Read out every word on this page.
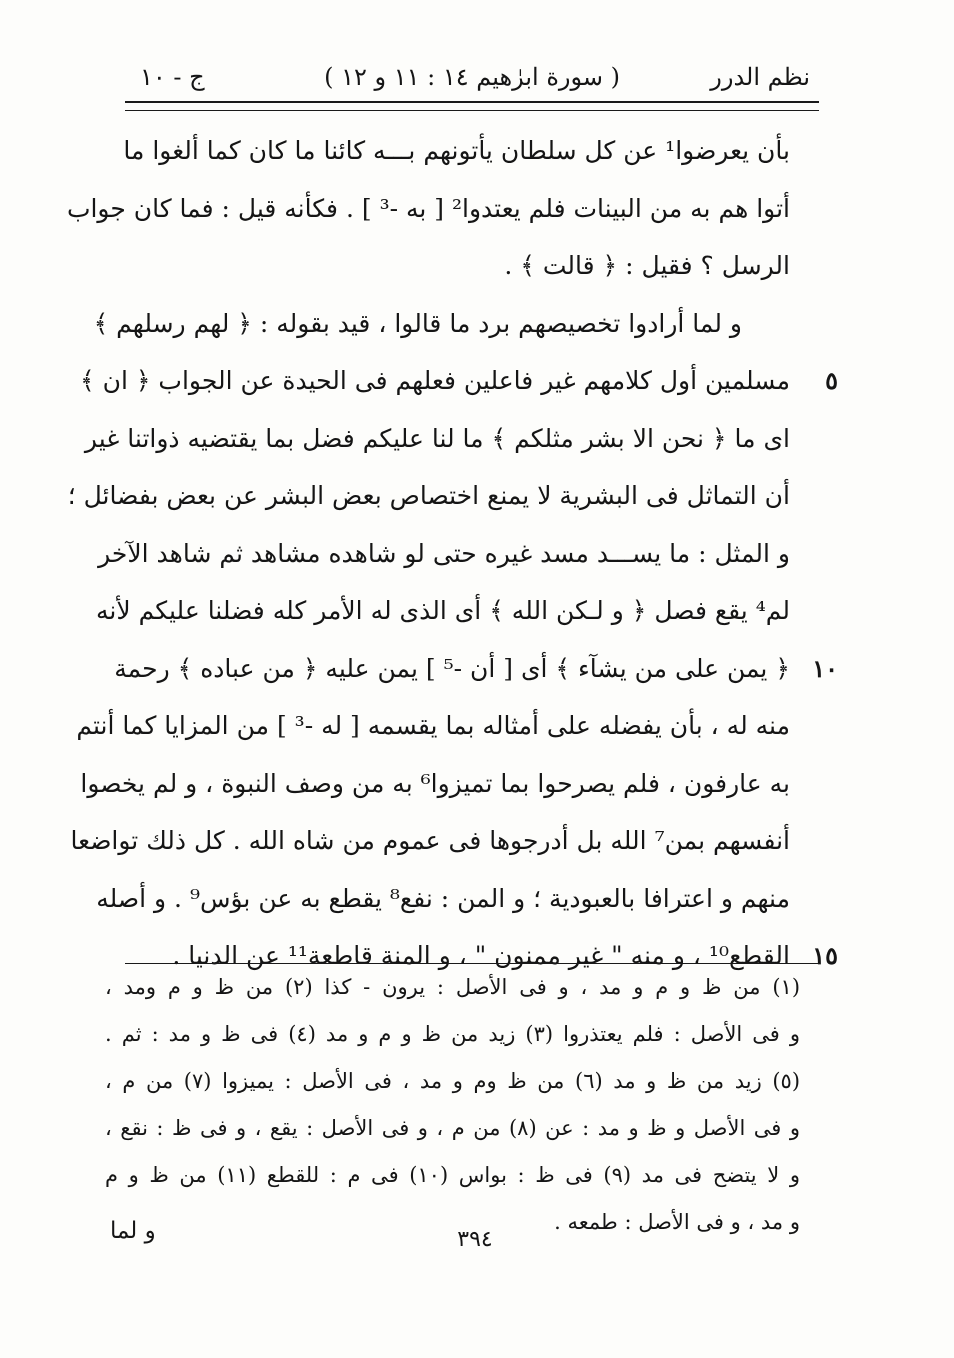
نظم الدرر
( سورة ابرٰهيم ١٤ : ١١ و ١٢ )
ج - ١٠
بأن يعرضوا¹ عن كل سلطان يأتونهم بـــه كائنا ما كان كما ألغوا ما
أتوا هم به من البينات فلم يعتدوا² [ به -³ ] . فكأنه قيل : فما كان جواب
الرسل ؟ فقيل : ﴿ قالت ﴾ .
و لما أرادوا تخصيصهم برد ما قالوا ، قيد بقوله : ﴿ لهم رسلهم ﴾
٥
مسلمين أول كلامهم غير فاعلين فعلهم فى الحيدة عن الجواب ﴿ ان ﴾
اى ما ﴿ نحن الا بشر مثلكم ﴾ ما لنا عليكم فضل بما يقتضيه ذواتنا غير
أن التماثل فى البشرية لا يمنع اختصاص بعض البشر عن بعض بفضائل ؛
و المثل : ما يســـد مسد غيره حتى لو شاهده مشاهد ثم شاهد الآخر
لم⁴ يقع فصل ﴿ و لـكن الله ﴾ أى الذى له الأمر كله فضلنا عليكم لأنه
١٠
﴿ يمن على من يشآء ﴾ أى [ أن -⁵ ] يمن عليه ﴿ من عباده ﴾ رحمة
منه له ، بأن يفضله على أمثاله بما يقسمه [ له -³ ] من المزايا كما أنتم
به عارفون ، فلم يصرحوا بما تميزوا⁶ به من وصف النبوة ، و لم يخصوا
أنفسهم بمن⁷ الله بل أدرجوها فى عموم من شاه الله . كل ذلك تواضعا
منهم و اعترافا بالعبودية ؛ و المن : نفع⁸ يقطع به عن بؤس⁹ . و أصله
١٥
القطع¹⁰ ، و منه " غير ممنون " ، و المنة قاطعة¹¹ عن الدنيا .
(١) من ظ و م و مد ، و فى الأصل : يرون - كذا (٢) من ظ و م ومد ،
و فى الأصل : فلم يعتذروا (٣) زيد من ظ و م و مد (٤) فى ظ و مد : ثم .
(٥) زيد من ظ و مد (٦) من ظ وم و مد ، فى الأصل : يميزوا (٧) من م ،
و فى الأصل و ظ و مد : عن (٨) من م ، و فى الأصل : يقع ، و فى ظ : نقع ،
و لا يتضح فى مد (٩) فى ظ : بواس (١٠) فى م : للقطع (١١) من ظ و م
و مد ، و فى الأصل : طمعه .
و لما	٣٩٤
